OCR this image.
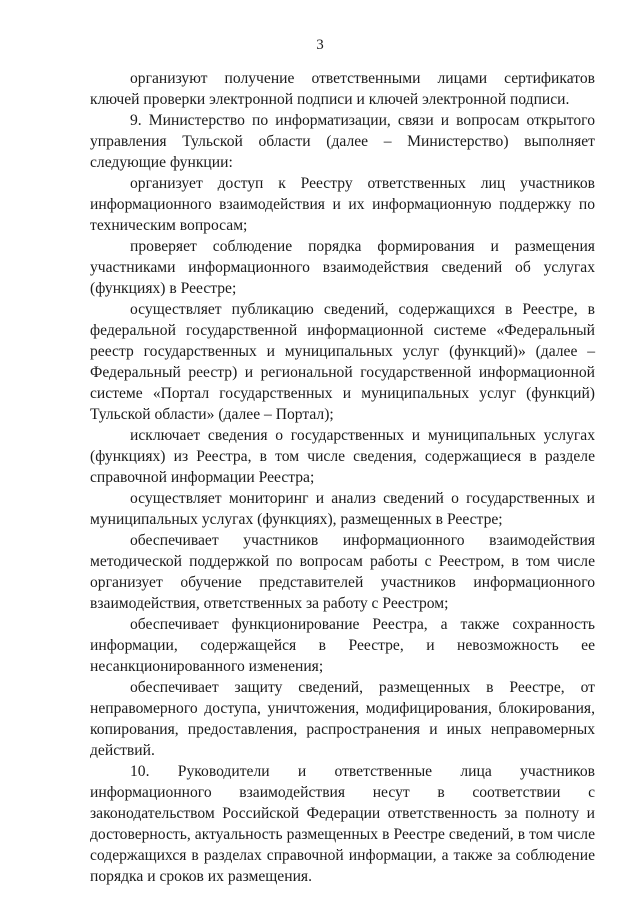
3

организуют получение ответственными лицами сертификатов ключей проверки электронной подписи и ключей электронной подписи.

9. Министерство по информатизации, связи и вопросам открытого управления Тульской области (далее – Министерство) выполняет следующие функции:

организует доступ к Реестру ответственных лиц участников информационного взаимодействия и их информационную поддержку по техническим вопросам;

проверяет соблюдение порядка формирования и размещения участниками информационного взаимодействия сведений об услугах (функциях) в Реестре;

осуществляет публикацию сведений, содержащихся в Реестре, в федеральной государственной информационной системе «Федеральный реестр государственных и муниципальных услуг (функций)» (далее – Федеральный реестр) и региональной государственной информационной системе «Портал государственных и муниципальных услуг (функций) Тульской области» (далее – Портал);

исключает сведения о государственных и муниципальных услугах (функциях) из Реестра, в том числе сведения, содержащиеся в разделе справочной информации Реестра;

осуществляет мониторинг и анализ сведений о государственных и муниципальных услугах (функциях), размещенных в Реестре;

обеспечивает участников информационного взаимодействия методической поддержкой по вопросам работы с Реестром, в том числе организует обучение представителей участников информационного взаимодействия, ответственных за работу с Реестром;

обеспечивает функционирование Реестра, а также сохранность информации, содержащейся в Реестре, и невозможность ее несанкционированного изменения;

обеспечивает защиту сведений, размещенных в Реестре, от неправомерного доступа, уничтожения, модифицирования, блокирования, копирования, предоставления, распространения и иных неправомерных действий.

10. Руководители и ответственные лица участников информационного взаимодействия несут в соответствии с законодательством Российской Федерации ответственность за полноту и достоверность, актуальность размещенных в Реестре сведений, в том числе содержащихся в разделах справочной информации, а также за соблюдение порядка и сроков их размещения.
